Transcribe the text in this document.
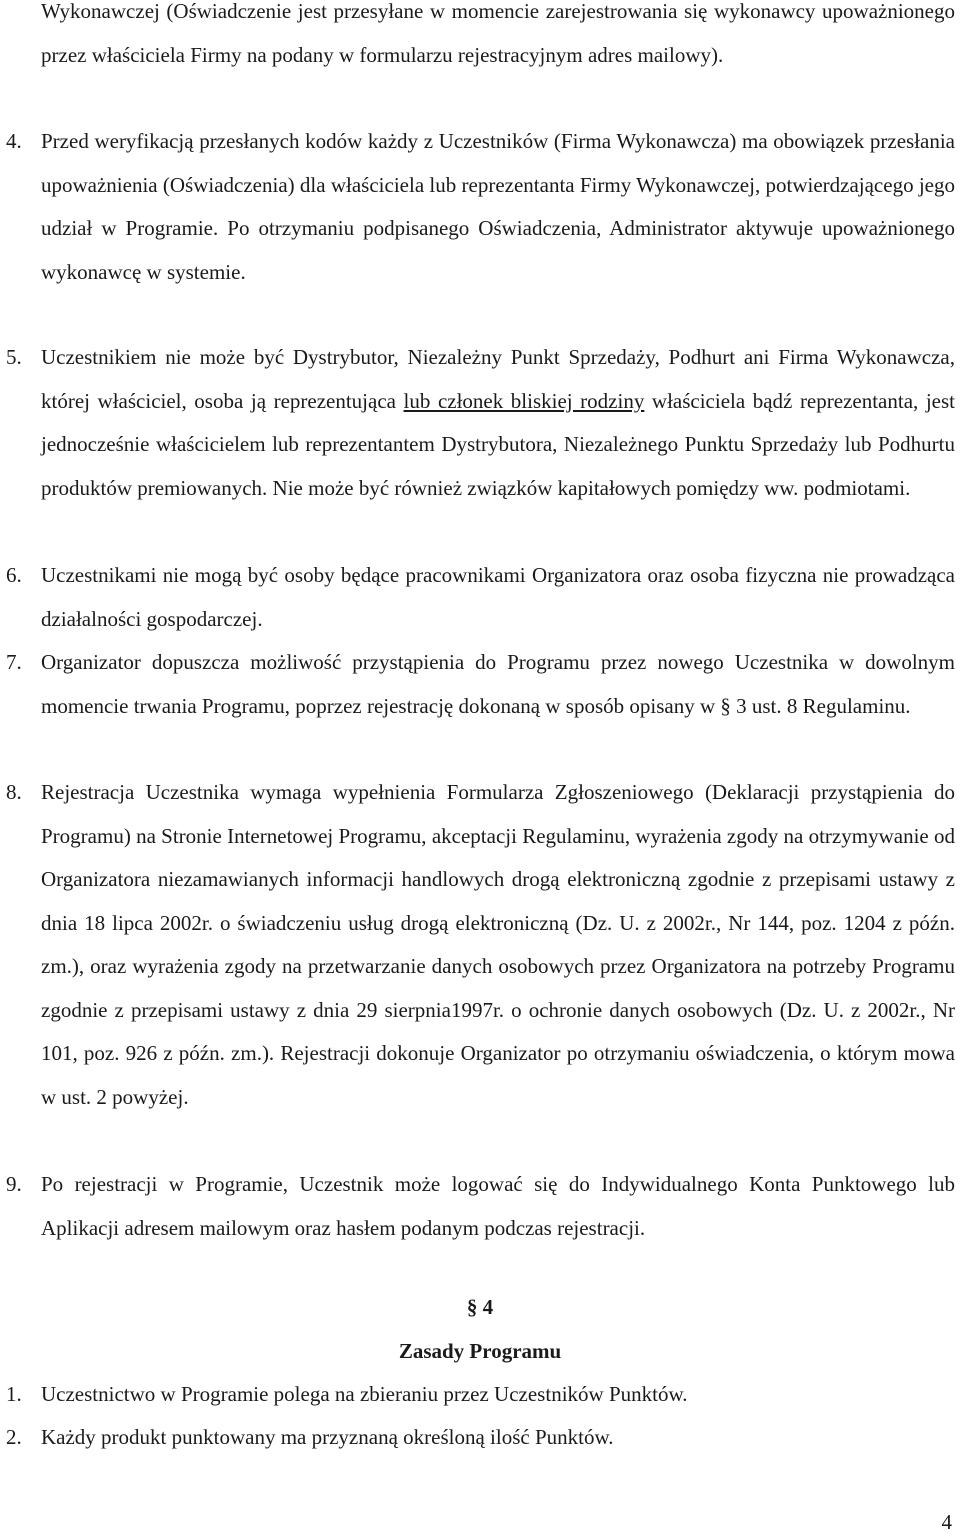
Wykonawczej (Oświadczenie jest przesyłane w momencie zarejestrowania się wykonawcy upoważnionego przez właściciela Firmy na podany w formularzu rejestracyjnym adres mailowy).

4. Przed weryfikacją przesłanych kodów każdy z Uczestników (Firma Wykonawcza) ma obowiązek przesłania upoważnienia (Oświadczenia) dla właściciela lub reprezentanta Firmy Wykonawczej, potwierdzającego jego udział w Programie. Po otrzymaniu podpisanego Oświadczenia, Administrator aktywuje upoważnionego wykonawcę w systemie.
5. Uczestnikiem nie może być Dystrybutor, Niezależny Punkt Sprzedaży, Podhurt ani Firma Wykonawcza, której właściciel, osoba ją reprezentująca lub członek bliskiej rodziny właściciela bądź reprezentanta, jest jednocześnie właścicielem lub reprezentantem Dystrybutora, Niezależnego Punktu Sprzedaży lub Podhurtu produktów premiowanych. Nie może być również związków kapitałowych pomiędzy ww. podmiotami.
6. Uczestnikami nie mogą być osoby będące pracownikami Organizatora oraz osoba fizyczna nie prowadząca działalności gospodarczej.
7. Organizator dopuszcza możliwość przystąpienia do Programu przez nowego Uczestnika w dowolnym momencie trwania Programu, poprzez rejestrację dokonaną w sposób opisany w § 3 ust. 8 Regulaminu.
8. Rejestracja Uczestnika wymaga wypełnienia Formularza Zgłoszeniowego (Deklaracji przystąpienia do Programu) na Stronie Internetowej Programu, akceptacji Regulaminu, wyrażenia zgody na otrzymywanie od Organizatora niezamawianych informacji handlowych drogą elektroniczną zgodnie z przepisami ustawy z dnia 18 lipca 2002r. o świadczeniu usług drogą elektroniczną (Dz. U. z 2002r., Nr 144, poz. 1204 z późn. zm.), oraz wyrażenia zgody na przetwarzanie danych osobowych przez Organizatora na potrzeby Programu zgodnie z przepisami ustawy z dnia 29 sierpnia1997r. o ochronie danych osobowych (Dz. U. z 2002r., Nr 101, poz. 926 z późn. zm.). Rejestracji dokonuje Organizator po otrzymaniu oświadczenia, o którym mowa w ust. 2 powyżej.
9. Po rejestracji w Programie, Uczestnik może logować się do Indywidualnego Konta Punktowego lub Aplikacji adresem mailowym oraz hasłem podanym podczas rejestracji.
§ 4
Zasady Programu
1. Uczestnictwo w Programie polega na zbieraniu przez Uczestników Punktów.
2. Każdy produkt punktowany ma przyznaną określoną ilość Punktów.
4
